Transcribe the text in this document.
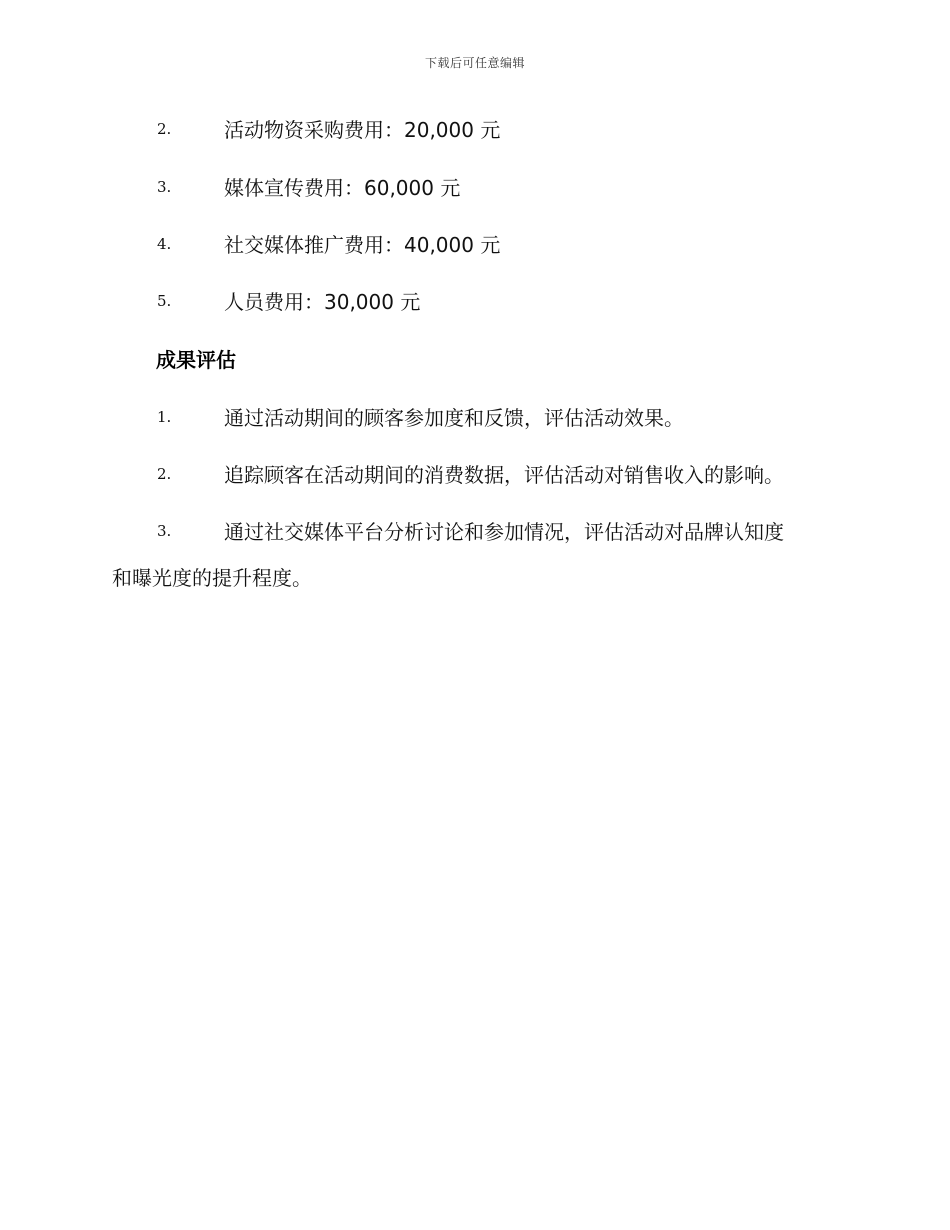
下载后可任意编辑
2.	活动物资采购费用：20,000 元
3.	媒体宣传费用：60,000 元
4.	社交媒体推广费用：40,000 元
5.	人员费用：30,000 元
成果评估
1.	通过活动期间的顾客参加度和反馈，评估活动效果。
2.	追踪顾客在活动期间的消费数据，评估活动对销售收入的影响。
3.	通过社交媒体平台分析讨论和参加情况，评估活动对品牌认知度
和曝光度的提升程度。
